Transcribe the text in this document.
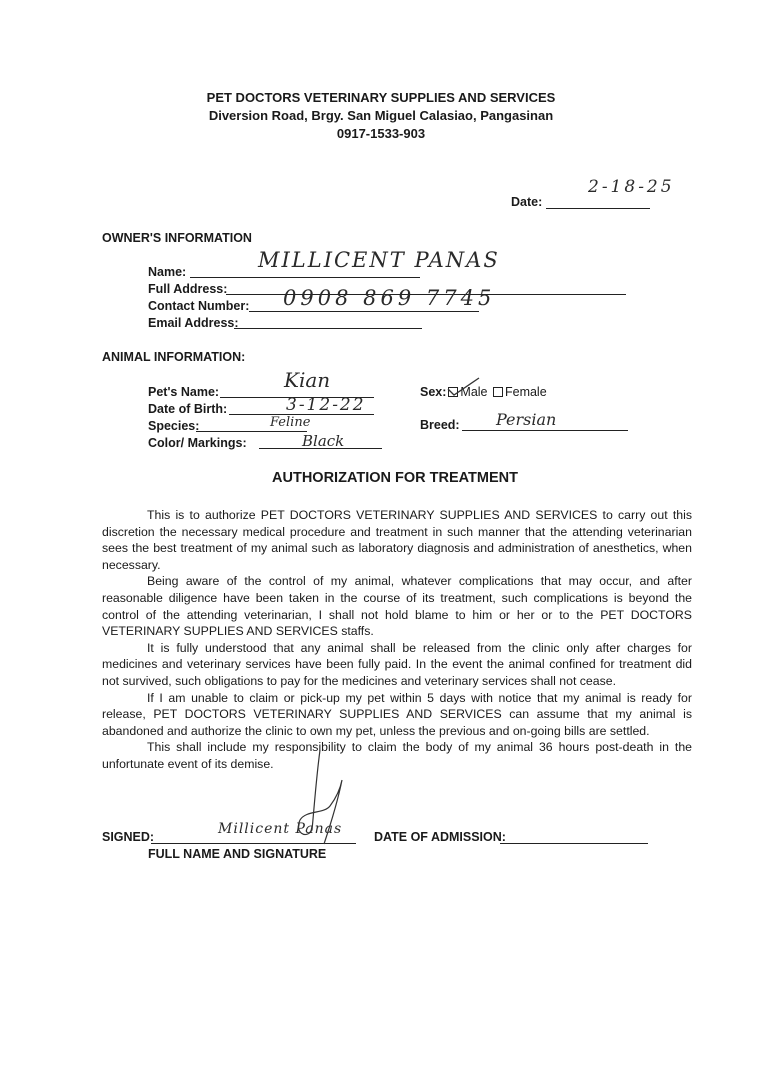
PET DOCTORS VETERINARY SUPPLIES AND SERVICES
Diversion Road, Brgy. San Miguel Calasiao, Pangasinan
0917-1533-903
Date:
2-18-25
OWNER'S INFORMATION
Name:	MILLICENT PANAS
Full Address:
Contact Number: 0908 869 7745
Email Address:
ANIMAL INFORMATION:
Pet's Name:	Kian
Date of Birth:	3-12-22
Species:	Feline
Color/ Markings:	Black
Sex: Male Female
Breed: Persian
AUTHORIZATION FOR TREATMENT

This is to authorize PET DOCTORS VETERINARY SUPPLIES AND SERVICES to carry out this discretion the necessary medical procedure and treatment in such manner that the attending veterinarian sees the best treatment of my animal such as laboratory diagnosis and administration of anesthetics, when necessary.

Being aware of the control of my animal, whatever complications that may occur, and after reasonable diligence have been taken in the course of its treatment, such complications is beyond the control of the attending veterinarian, I shall not hold blame to him or her or to the PET DOCTORS VETERINARY SUPPLIES AND SERVICES staffs.

It is fully understood that any animal shall be released from the clinic only after charges for medicines and veterinary services have been fully paid. In the event the animal confined for treatment did not survived, such obligations to pay for the medicines and veterinary services shall not cease.

If I am unable to claim or pick-up my pet within 5 days with notice that my animal is ready for release, PET DOCTORS VETERINARY SUPPLIES AND SERVICES can assume that my animal is abandoned and authorize the clinic to own my pet, unless the previous and on-going bills are settled.

This shall include my responsibility to claim the body of my animal 36 hours post-death in the unfortunate event of its demise.

SIGNED:	Millicent Panas
FULL NAME AND SIGNATURE
DATE OF ADMISSION:
